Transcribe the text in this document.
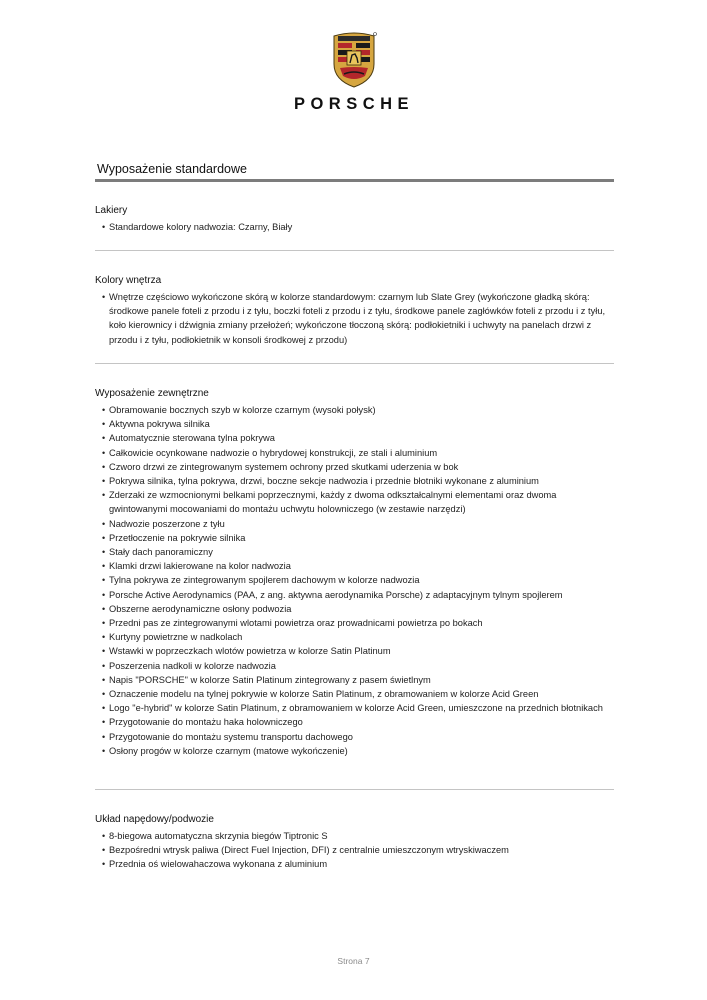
PORSCHE
Wyposażenie standardowe
Lakiery
• Standardowe kolory nadwozia: Czarny, Biały
Kolory wnętrza
• Wnętrze częściowo wykończone skórą w kolorze standardowym: czarnym lub Slate Grey (wykończone gładką skórą: środkowe panele foteli z przodu i z tyłu, boczki foteli z przodu i z tyłu, środkowe panele zagłówków foteli z przodu i z tyłu, koło kierownicy i dźwignia zmiany przełożeń; wykończone tłoczoną skórą: podłokietniki i uchwyty na panelach drzwi z przodu i z tyłu, podłokietnik w konsoli środkowej z przodu)
Wyposażenie zewnętrzne
• Obramowanie bocznych szyb w kolorze czarnym (wysoki połysk)
• Aktywna pokrywa silnika
• Automatycznie sterowana tylna pokrywa
• Całkowicie ocynkowane nadwozie o hybrydowej konstrukcji, ze stali i aluminium
• Czworo drzwi ze zintegrowanym systemem ochrony przed skutkami uderzenia w bok
• Pokrywa silnika, tylna pokrywa, drzwi, boczne sekcje nadwozia i przednie błotniki wykonane z aluminium
• Zderzaki ze wzmocnionymi belkami poprzecznymi, każdy z dwoma odkształcalnymi elementami oraz dwoma gwintowanymi mocowaniami do montażu uchwytu holowniczego (w zestawie narzędzi)
• Nadwozie poszerzone z tyłu
• Przetłoczenie na pokrywie silnika
• Stały dach panoramiczny
• Klamki drzwi lakierowane na kolor nadwozia
• Tylna pokrywa ze zintegrowanym spojlerem dachowym w kolorze nadwozia
• Porsche Active Aerodynamics (PAA, z ang. aktywna aerodynamika Porsche) z adaptacyjnym tylnym spojlerem
• Obszerne aerodynamiczne osłony podwozia
• Przedni pas ze zintegrowanymi wlotami powietrza oraz prowadnicami powietrza po bokach
• Kurtyny powietrzne w nadkolach
• Wstawki w poprzeczkach wlotów powietrza w kolorze Satin Platinum
• Poszerzenia nadkoli w kolorze nadwozia
• Napis "PORSCHE" w kolorze Satin Platinum zintegrowany z pasem świetlnym
• Oznaczenie modelu na tylnej pokrywie w kolorze Satin Platinum, z obramowaniem w kolorze Acid Green
• Logo "e-hybrid" w kolorze Satin Platinum, z obramowaniem w kolorze Acid Green, umieszczone na przednich błotnikach
• Przygotowanie do montażu haka holowniczego
• Przygotowanie do montażu systemu transportu dachowego
• Osłony progów w kolorze czarnym (matowe wykończenie)
Układ napędowy/podwozie
• 8-biegowa automatyczna skrzynia biegów Tiptronic S
• Bezpośredni wtrysk paliwa (Direct Fuel Injection, DFI) z centralnie umieszczonym wtryskiwaczem
• Przednia oś wielowahaczowa wykonana z aluminium
Strona 7
